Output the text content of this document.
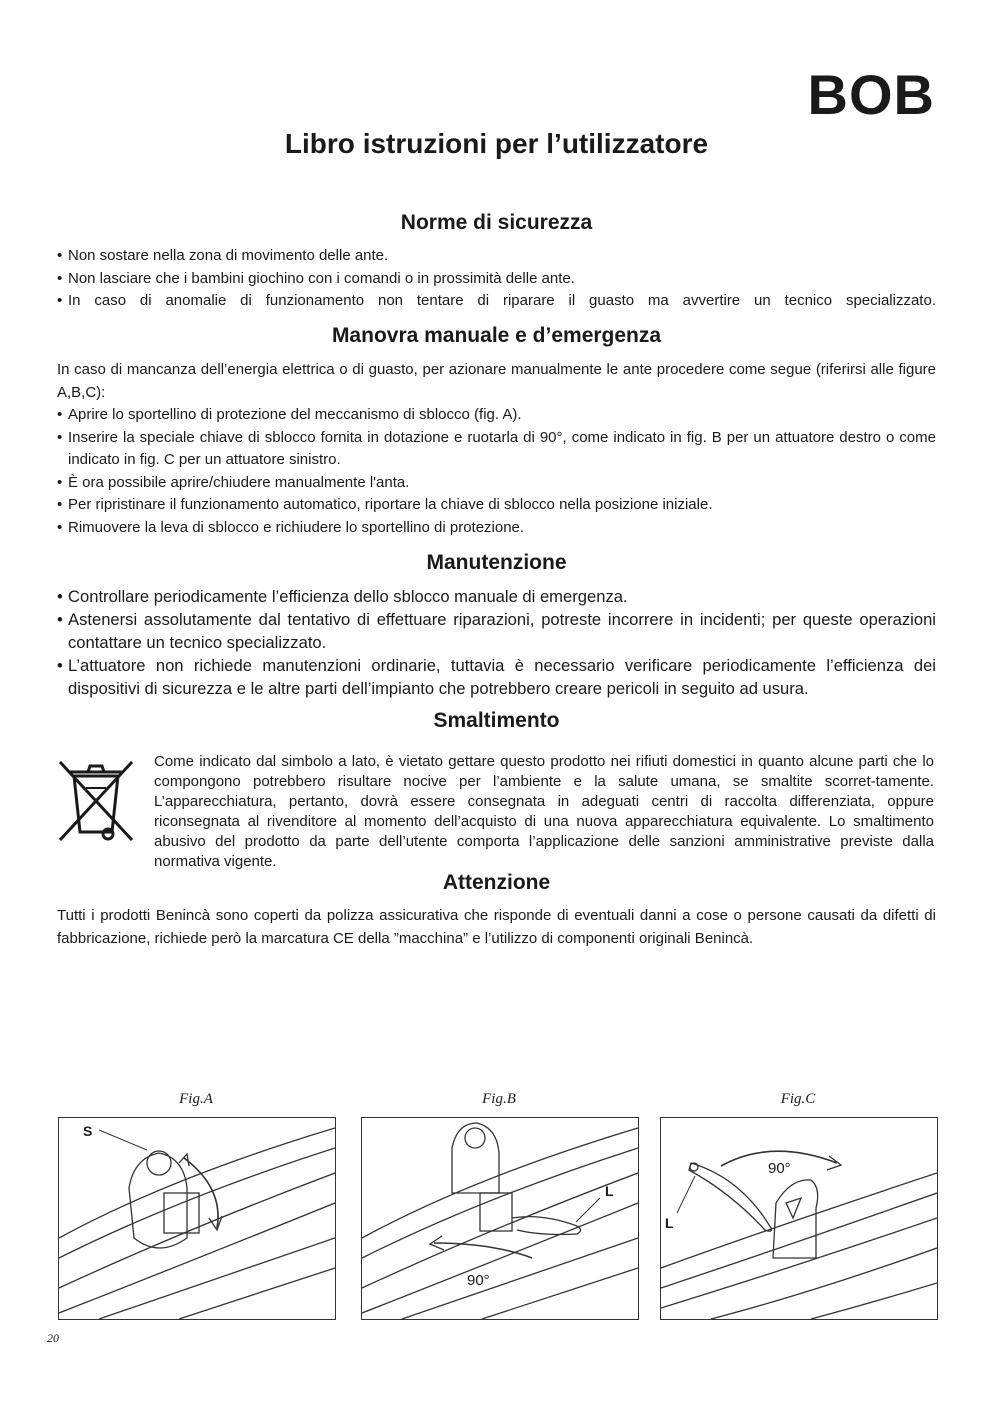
BOB
Libro istruzioni per l’utilizzatore
Norme di sicurezza
• Non sostare nella zona di movimento delle ante.
• Non lasciare che i bambini giochino con i comandi o in prossimità delle ante.
• In caso di anomalie di funzionamento non tentare di riparare il guasto ma avvertire un tecnico specializzato.
Manovra manuale e d’emergenza

In caso di mancanza dell’energia elettrica o di guasto, per azionare manualmente le ante procedere come segue (riferirsi alle figure A,B,C):

• Aprire lo sportellino di protezione del meccanismo di sblocco (fig. A).
• Inserire la speciale chiave di sblocco fornita in dotazione e ruotarla di 90°, come indicato in fig. B per un attuatore destro o come indicato in fig. C per un attuatore sinistro.
• È ora possibile aprire/chiudere manualmente l'anta.
• Per ripristinare il funzionamento automatico, riportare la chiave di sblocco nella posizione iniziale.
• Rimuovere la leva di sblocco e richiudere lo sportellino di protezione.
Manutenzione
• Controllare periodicamente l’efficienza dello sblocco manuale di emergenza.
• Astenersi assolutamente dal tentativo di effettuare riparazioni, potreste incorrere in incidenti; per queste operazioni contattare un tecnico specializzato.
• L’attuatore non richiede manutenzioni ordinarie, tuttavia è necessario verificare periodicamente l’efficienza dei dispositivi di sicurezza e le altre parti dell’impianto che potrebbero creare pericoli in seguito ad usura.
Smaltimento

Come indicato dal simbolo a lato, è vietato gettare questo prodotto nei rifiuti domestici in quanto alcune parti che lo compongono potrebbero risultare nocive per l’ambiente e la salute umana, se smaltite scorret-tamente. L’apparecchiatura, pertanto, dovrà essere consegnata in adeguati centri di raccolta differenziata, oppure riconsegnata al rivenditore al momento dell’acquisto di una nuova apparecchiatura equivalente. Lo smaltimento abusivo del prodotto da parte dell’utente comporta l’applicazione delle sanzioni amministrative previste dalla normativa vigente.

Attenzione

Tutti i prodotti Benincà sono coperti da polizza assicurativa che risponde di eventuali danni a cose o persone causati da difetti di fabbricazione, richiede però la marcatura CE della ”macchina” e l’utilizzo di componenti originali Benincà.

Fig.A
S
Fig.B
L
90°
Fig.C
L
90°
20
